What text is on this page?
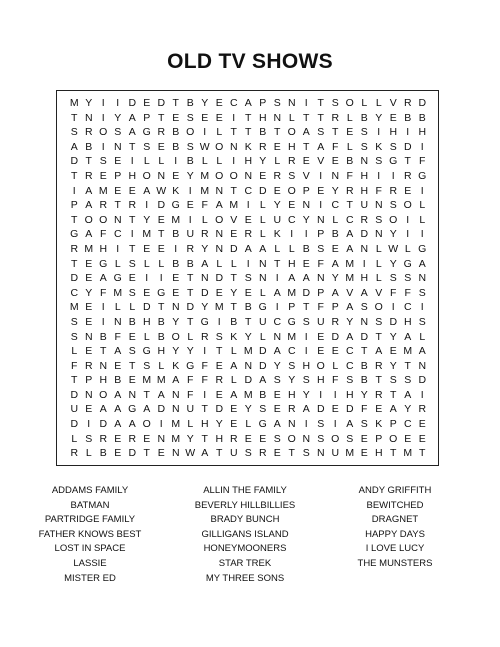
OLD TV SHOWS
M Y I	I D E D T B Y E C A P S N I T S O L L V R D
T N I Y A P T E S E E I T H N L T T R L B Y E B B
S R O S A G R B O I L T T B T O A S T E S I H I H
A B I N T S E B S W O N K R E H T A F L S K S D I
D T S E I L L I B L L I H Y L R E V E B N S G T F
T R E P H O N E Y M O O N E R S V I N F H I	I R G
I A M E E A W K I M N T C D E O P E Y R H F R E I
P A R T R I D G E F A M I L Y E N I C T U N S O L
T O O N T Y E M I L O V E L U C Y N L C R S O I L
G A F C I M T B U R N E R L K I	I P B A D N Y I	I
R M H I T E E I R Y N D A A L L B S E A N L W L G
T E G L S L L B B A L L I N T H E F A M I L Y G A
D E A G E I	I E T N D T S N I A A N Y M H L S S N
C Y F M S E G E T D E Y E L A M D P A V A V F F S
M E I L L D T N D Y M T B G I P T F P A S O I C I
S E I N B H B Y T G I B T U C G S U R Y N S D H S
S N B F E L B O L R S K Y L N M I E D A D T Y A L
L E T A S G H Y Y I T L M D A C I E E C T A E M A
F R N E T S L K G F E A N D Y S H O L C B R Y T N
T P H B E M M A F F R L D A S Y S H F S B T S S D
D N O A N T A N F I E A M B E H Y I	I H Y R T A I
U E A A G A D N U T D E Y S E R A D E D F E A Y R
D I D A A O I M L H Y E L G A N I S I A S K P C E
L S R E R E N M Y T H R E E S O N S O S E P O E E
R L B E D T E N W A T U S R E T S N U M E H T M T
ADDAMS FAMILY
BATMAN
PARTRIDGE FAMILY
FATHER KNOWS BEST
LOST IN SPACE
LASSIE
MISTER ED
ALLIN THE FAMILY
BEVERLY HILLBILLIES
BRADY BUNCH
GILLIGANS ISLAND
HONEYMOONERS
STAR TREK
MY THREE SONS
ANDY GRIFFITH
BEWITCHED
DRAGNET
HAPPY DAYS
I LOVE LUCY
THE MUNSTERS
